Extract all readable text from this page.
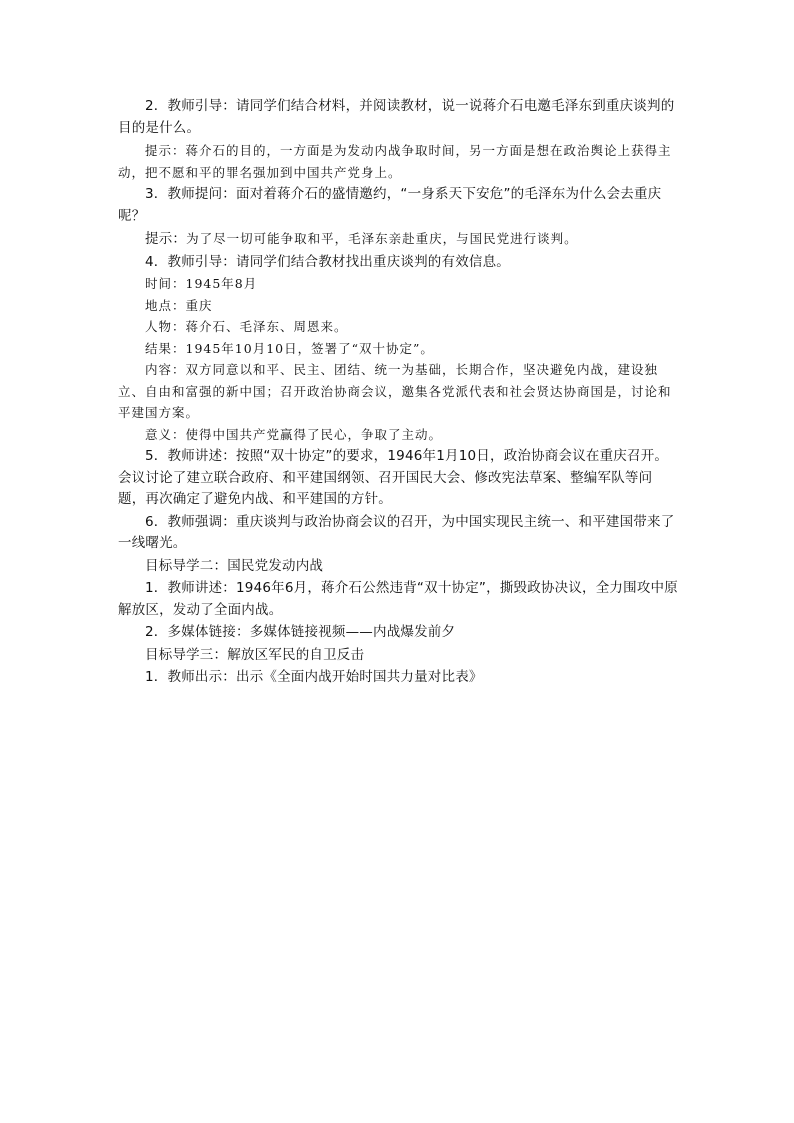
2．教师引导：请同学们结合材料，并阅读教材，说一说蒋介石电邀毛泽东到重庆谈判的目的是什么。

提示：蒋介石的目的，一方面是为发动内战争取时间，另一方面是想在政治舆论上获得主动，把不愿和平的罪名强加到中国共产党身上。

3．教师提问：面对着蒋介石的盛情邀约，“一身系天下安危”的毛泽东为什么会去重庆呢？

提示：为了尽一切可能争取和平，毛泽东亲赴重庆，与国民党进行谈判。

4．教师引导：请同学们结合教材找出重庆谈判的有效信息。

时间：1945年8月

地点：重庆

人物：蒋介石、毛泽东、周恩来。

结果：1945年10月10日，签署了“双十协定”。

内容：双方同意以和平、民主、团结、统一为基础，长期合作，坚决避免内战，建设独立、自由和富强的新中国；召开政治协商会议，邀集各党派代表和社会贤达协商国是，讨论和平建国方案。

意义：使得中国共产党赢得了民心，争取了主动。

5．教师讲述：按照“双十协定”的要求，1946年1月10日，政治协商会议在重庆召开。会议讨论了建立联合政府、和平建国纲领、召开国民大会、修改宪法草案、整编军队等问题，再次确定了避免内战、和平建国的方针。

6．教师强调：重庆谈判与政治协商会议的召开，为中国实现民主统一、和平建国带来了一线曙光。

目标导学二：国民党发动内战

1．教师讲述：1946年6月，蒋介石公然违背“双十协定”，撕毁政协决议，全力围攻中原解放区，发动了全面内战。

2．多媒体链接：多媒体链接视频——内战爆发前夕

目标导学三：解放区军民的自卫反击

1．教师出示：出示《全面内战开始时国共力量对比表》
